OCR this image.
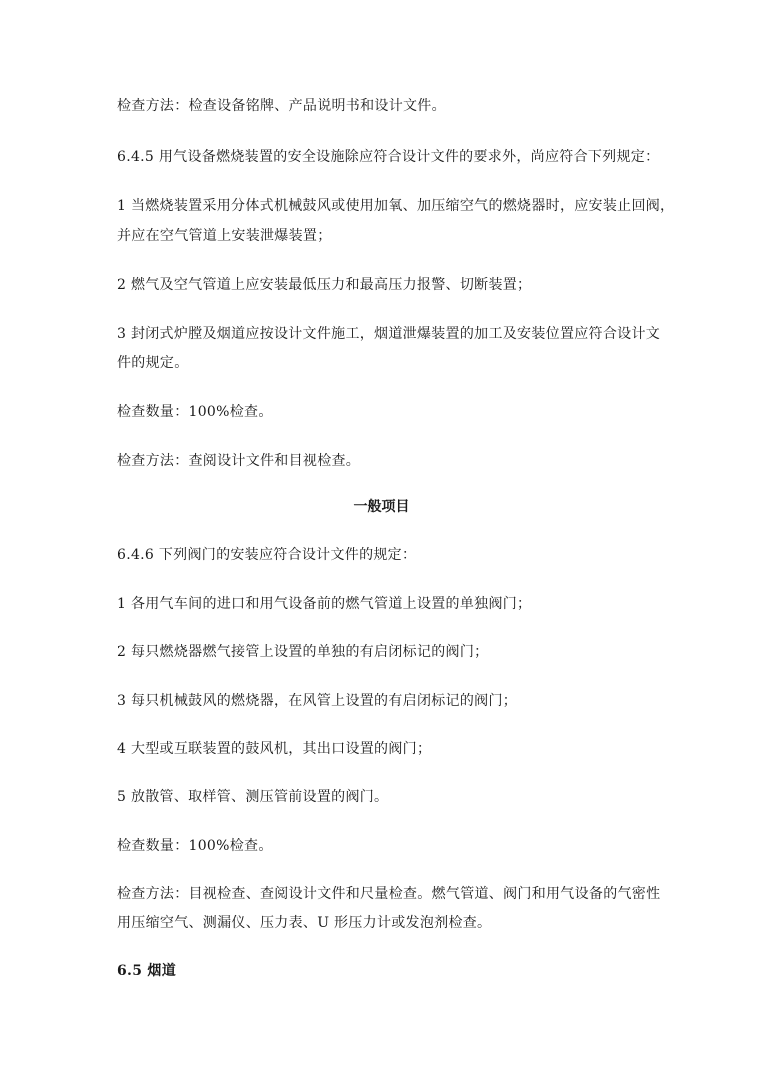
检查方法：检查设备铭牌、产品说明书和设计文件。
6.4.5 用气设备燃烧装置的安全设施除应符合设计文件的要求外，尚应符合下列规定：
1 当燃烧装置采用分体式机械鼓风或使用加氧、加压缩空气的燃烧器时，应安装止回阀，
并应在空气管道上安装泄爆装置；
2 燃气及空气管道上应安装最低压力和最高压力报警、切断装置；
3 封闭式炉膛及烟道应按设计文件施工，烟道泄爆装置的加工及安装位置应符合设计文
件的规定。
检查数量：100%检查。
检查方法：查阅设计文件和目视检查。
一般项目
6.4.6 下列阀门的安装应符合设计文件的规定：
1 各用气车间的进口和用气设备前的燃气管道上设置的单独阀门；
2 每只燃烧器燃气接管上设置的单独的有启闭标记的阀门；
3 每只机械鼓风的燃烧器，在风管上设置的有启闭标记的阀门；
4 大型或互联装置的鼓风机，其出口设置的阀门；
5 放散管、取样管、测压管前设置的阀门。
检查数量：100%检查。
检查方法：目视检查、查阅设计文件和尺量检查。燃气管道、阀门和用气设备的气密性
用压缩空气、测漏仪、压力表、U 形压力计或发泡剂检查。
6.5 烟道
